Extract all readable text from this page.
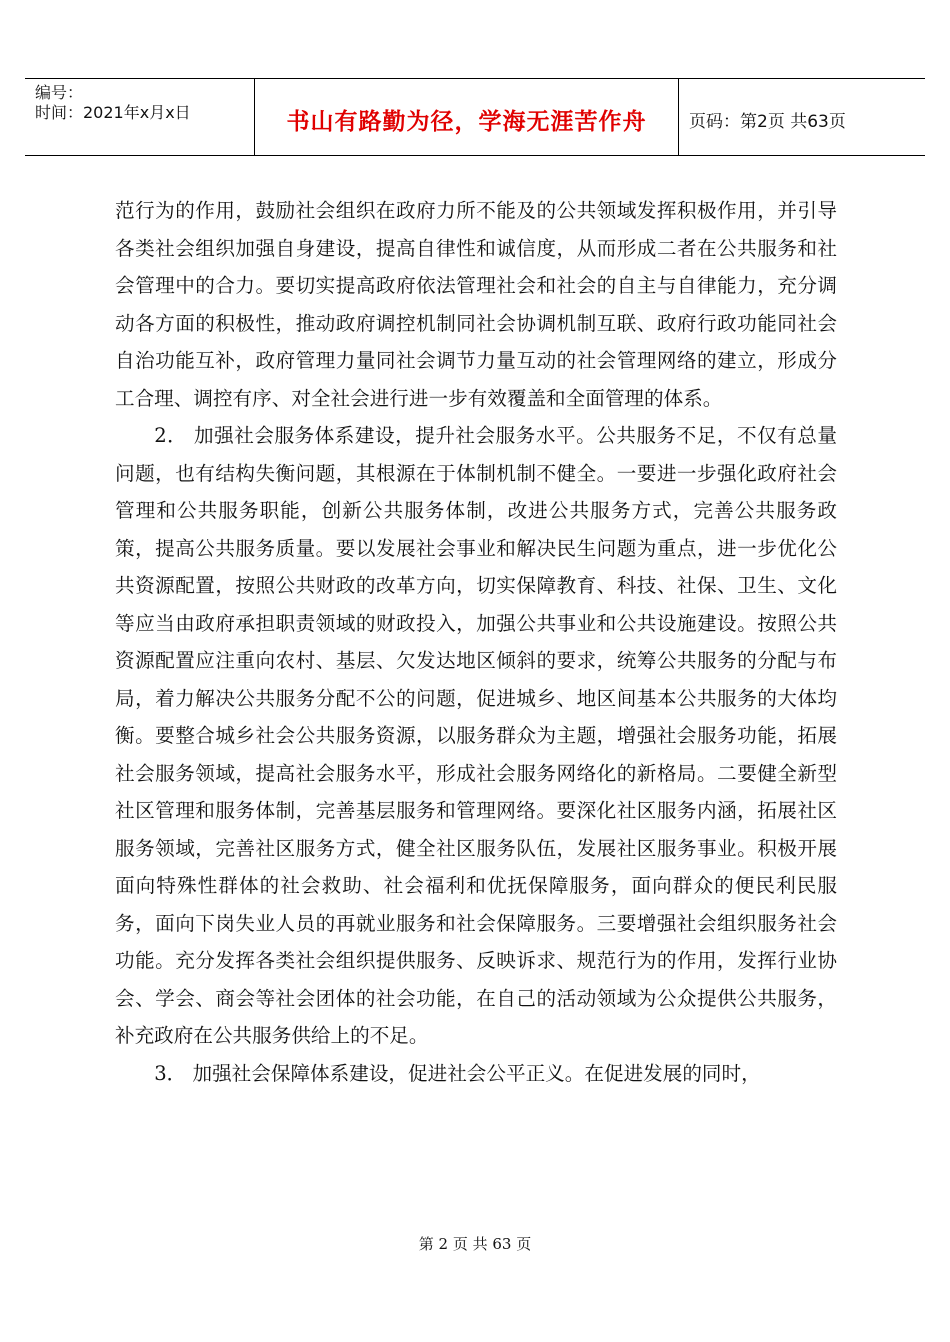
编号：
时间：2021年x月x日	书山有路勤为径，学海无涯苦作舟	页码：第2页 共63页

范行为的作用，鼓励社会组织在政府力所不能及的公共领域发挥积极作用，并引导各类社会组织加强自身建设，提高自律性和诚信度，从而形成二者在公共服务和社会管理中的合力。要切实提高政府依法管理社会和社会的自主与自律能力，充分调动各方面的积极性，推动政府调控机制同社会协调机制互联、政府行政功能同社会自治功能互补，政府管理力量同社会调节力量互动的社会管理网络的建立，形成分工合理、调控有序、对全社会进行进一步有效覆盖和全面管理的体系。

2． 加强社会服务体系建设，提升社会服务水平。公共服务不足，不仅有总量问题，也有结构失衡问题，其根源在于体制机制不健全。一要进一步强化政府社会管理和公共服务职能，创新公共服务体制，改进公共服务方式，完善公共服务政策，提高公共服务质量。要以发展社会事业和解决民生问题为重点，进一步优化公共资源配置，按照公共财政的改革方向，切实保障教育、科技、社保、卫生、文化等应当由政府承担职责领域的财政投入，加强公共事业和公共设施建设。按照公共资源配置应注重向农村、基层、欠发达地区倾斜的要求，统筹公共服务的分配与布局，着力解决公共服务分配不公的问题，促进城乡、地区间基本公共服务的大体均衡。要整合城乡社会公共服务资源，以服务群众为主题，增强社会服务功能，拓展社会服务领域，提高社会服务水平，形成社会服务网络化的新格局。二要健全新型社区管理和服务体制，完善基层服务和管理网络。要深化社区服务内涵，拓展社区服务领域，完善社区服务方式，健全社区服务队伍，发展社区服务事业。积极开展面向特殊性群体的社会救助、社会福利和优抚保障服务，面向群众的便民利民服务，面向下岗失业人员的再就业服务和社会保障服务。三要增强社会组织服务社会功能。充分发挥各类社会组织提供服务、反映诉求、规范行为的作用，发挥行业协会、学会、商会等社会团体的社会功能，在自己的活动领域为公众提供公共服务，补充政府在公共服务供给上的不足。

3． 加强社会保障体系建设，促进社会公平正义。在促进发展的同时，

第 2 页 共 63 页
